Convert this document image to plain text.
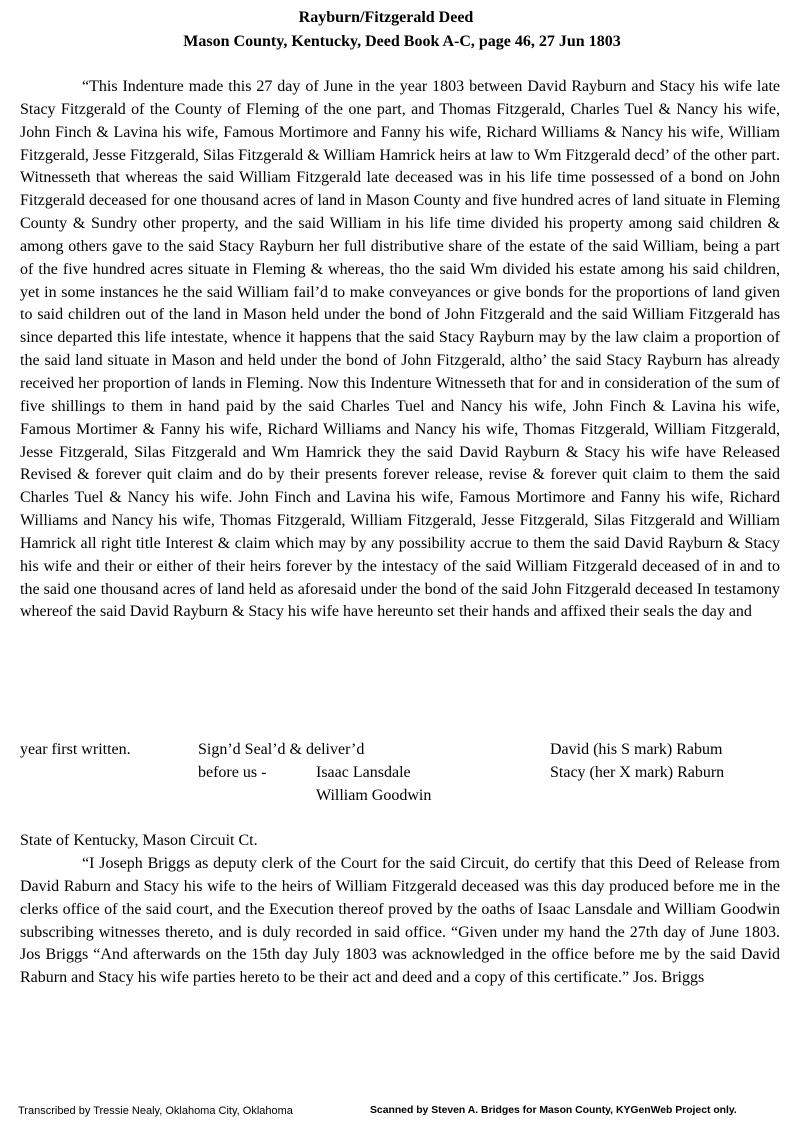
Rayburn/Fitzgerald Deed
Mason County, Kentucky, Deed Book A-C, page 46, 27 Jun 1803
“This Indenture made this 27 day of June in the year 1803 between David Rayburn and Stacy his wife late Stacy Fitzgerald of the County of Fleming of the one part, and Thomas Fitzgerald, Charles Tuel & Nancy his wife, John Finch & Lavina his wife, Famous Mortimore and Fanny his wife, Richard Williams & Nancy his wife, William Fitzgerald, Jesse Fitzgerald, Silas Fitzgerald & William Hamrick heirs at law to Wm Fitzgerald decd’ of the other part. Witnesseth that whereas the said William Fitzgerald late deceased was in his life time possessed of a bond on John Fitzgerald deceased for one thousand acres of land in Mason County and five hundred acres of land situate in Fleming County & Sundry other property, and the said William in his life time divided his property among said children & among others gave to the said Stacy Rayburn her full distributive share of the estate of the said William, being a part of the five hundred acres situate in Fleming & whereas, tho the said Wm divided his estate among his said children, yet in some instances he the said William fail’d to make conveyances or give bonds for the proportions of land given to said children out of the land in Mason held under the bond of John Fitzgerald and the said William Fitzgerald has since departed this life intestate, whence it happens that the said Stacy Rayburn may by the law claim a proportion of the said land situate in Mason and held under the bond of John Fitzgerald, altho’ the said Stacy Rayburn has already received her proportion of lands in Fleming. Now this Indenture Witnesseth that for and in consideration of the sum of five shillings to them in hand paid by the said Charles Tuel and Nancy his wife, John Finch & Lavina his wife, Famous Mortimer & Fanny his wife, Richard Williams and Nancy his wife, Thomas Fitzgerald, William Fitzgerald, Jesse Fitzgerald, Silas Fitzgerald and Wm Hamrick they the said David Rayburn & Stacy his wife have Released Revised & forever quit claim and do by their presents forever release, revise & forever quit claim to them the said Charles Tuel & Nancy his wife. John Finch and Lavina his wife, Famous Mortimore and Fanny his wife, Richard Williams and Nancy his wife, Thomas Fitzgerald, William Fitzgerald, Jesse Fitzgerald, Silas Fitzgerald and William Hamrick all right title Interest & claim which may by any possibility accrue to them the said David Rayburn & Stacy his wife and their or either of their heirs forever by the intestacy of the said William Fitzgerald deceased of in and to the said one thousand acres of land held as aforesaid under the bond of the said John Fitzgerald deceased In testamony whereof the said David Rayburn & Stacy his wife have hereunto set their hands and affixed their seals the day and
year first written.	Sign’d Seal’d & deliver’d
before us -	Isaac Lansdale
William Goodwin
David (his S mark) Rabum
Stacy (her X mark) Raburn
State of Kentucky, Mason Circuit Ct.
“I Joseph Briggs as deputy clerk of the Court for the said Circuit, do certify that this Deed of Release from David Raburn and Stacy his wife to the heirs of William Fitzgerald deceased was this day produced before me in the clerks office of the said court, and the Execution thereof proved by the oaths of Isaac Lansdale and William Goodwin subscribing witnesses thereto, and is duly recorded in said office. “Given under my hand the 27th day of June 1803. Jos Briggs “And afterwards on the 15th day July 1803 was acknowledged in the office before me by the said David Raburn and Stacy his wife parties hereto to be their act and deed and a copy of this certificate.” Jos. Briggs
Transcribed by Tressie Nealy, Oklahoma City, Oklahoma	Scanned by Steven A. Bridges for Mason County, KYGenWeb Project only.
